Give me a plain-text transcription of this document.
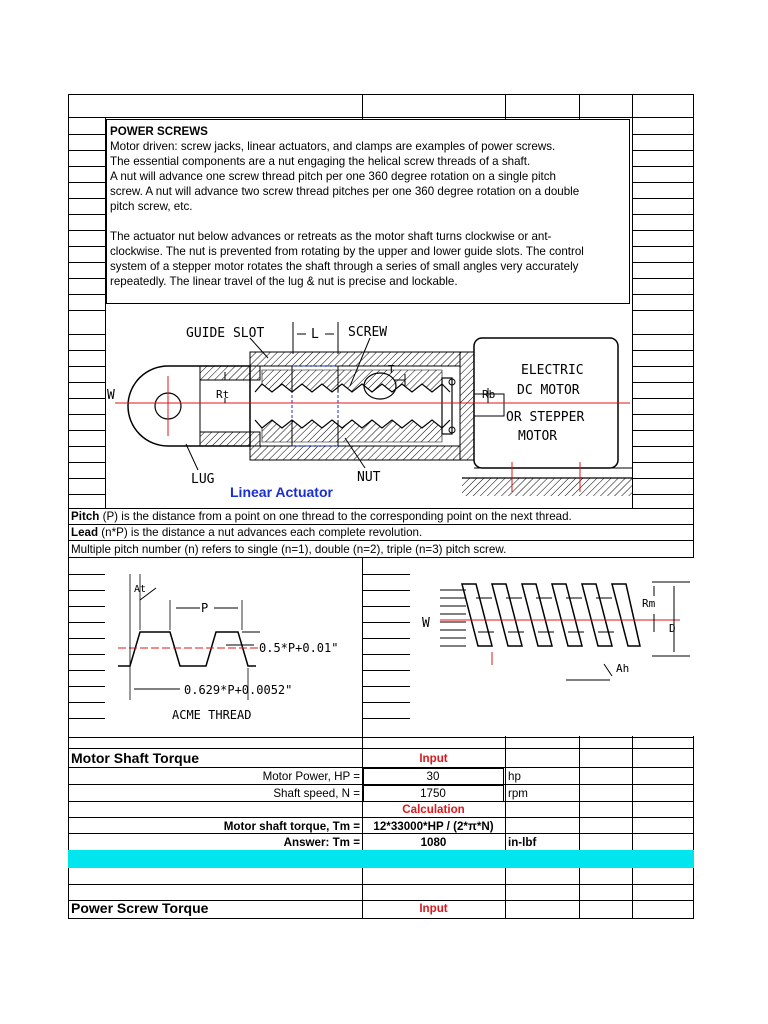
POWER SCREWS

Motor driven: screw jacks, linear actuators, and clamps are examples of power screws.

The essential components are a nut engaging the helical screw threads of a shaft.

A nut will advance one screw thread pitch per one 360 degree rotation on a single pitch

screw. A nut will advance two screw thread pitches per one 360 degree rotation on a double

pitch screw, etc.

The actuator nut below advances or retreats as the motor shaft turns clockwise or ant-

clockwise. The nut is prevented from rotating by the upper and lower guide slots. The control

system of a stepper motor rotates the shaft through a series of small angles very accurately

repeatedly. The linear travel of the lug & nut is precise and lockable.

GUIDE SLOT	L SCREW
ELECTRIC
DC MOTOR
OR STEPPER
MOTOR
W	Rt
T
Rb
LUG	NUT
Linear Actuator
Pitch (P) is the distance from a point on one thread to the corresponding point on the next thread.
Lead (n*P) is the distance a nut advances each complete revolution.
Multiple pitch number (n) refers to single (n=1), double (n=2), triple (n=3) pitch screw.
At
P
0.5*P+0.01"
0.629*P+0.0052"
ACME THREAD
W
Rm
D
Ah
Motor Shaft Torque	Input
Motor Power, HP =	30	hp
Shaft speed, N =	1750	rpm
Calculation
Motor shaft torque, Tm =	12*33000*HP / (2*π*N)
Answer: Tm =	1080	in-lbf
Power Screw Torque	Input
